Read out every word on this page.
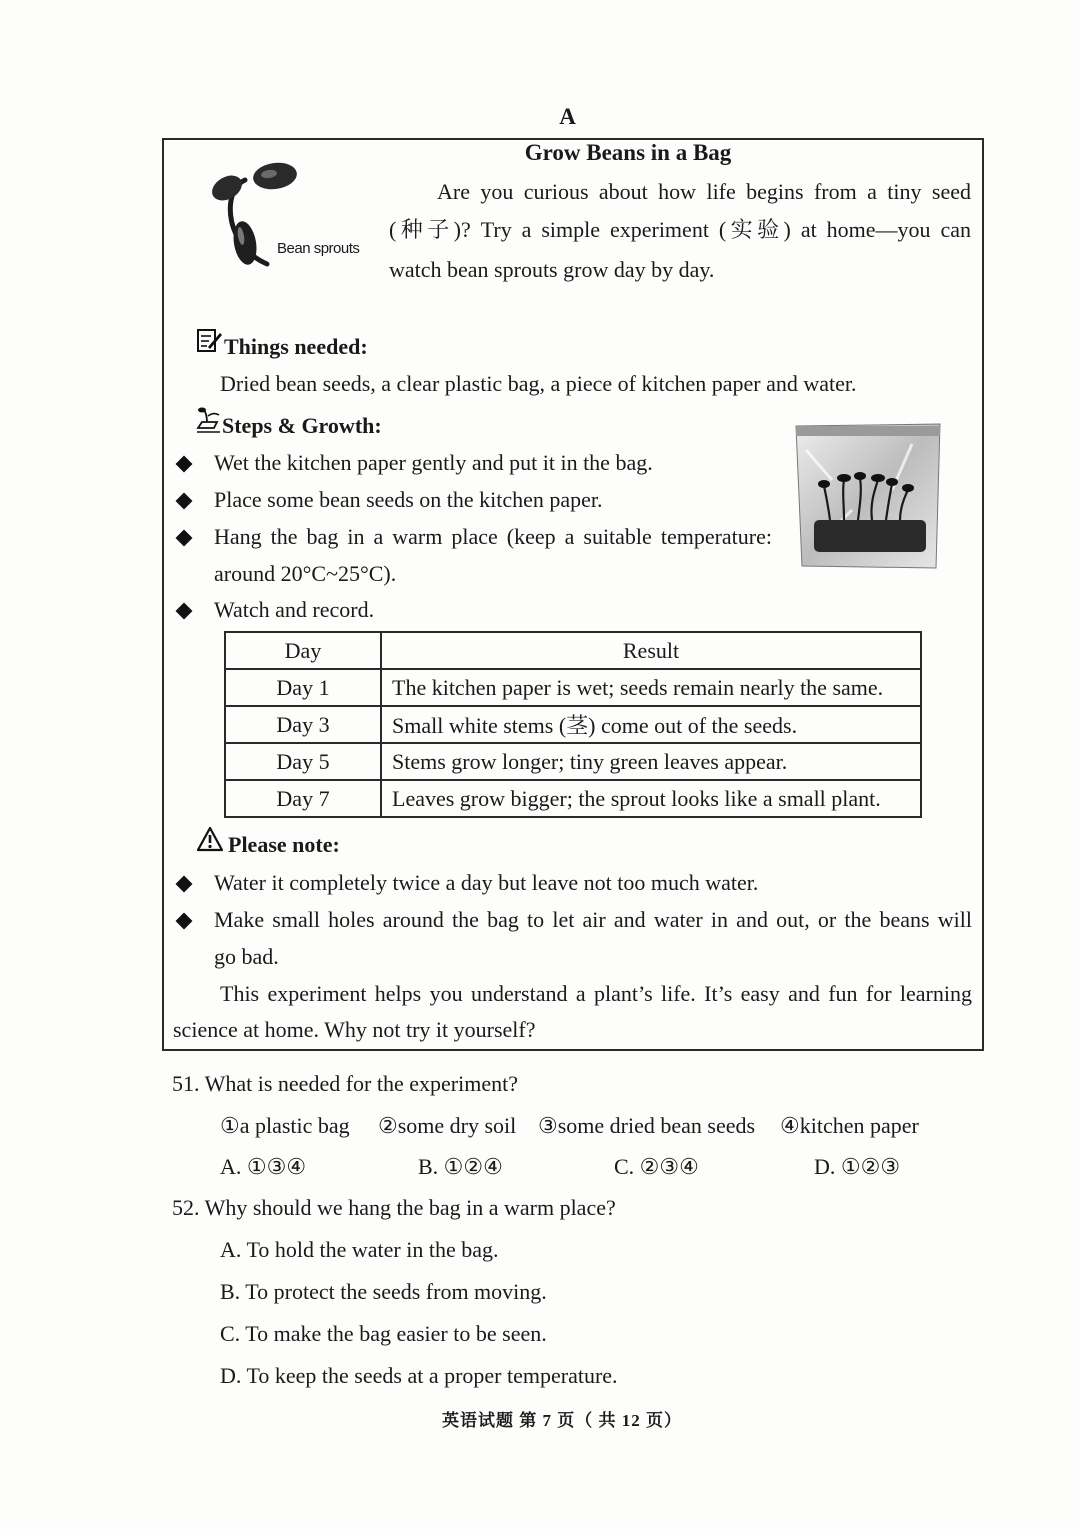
A
Grow Beans in a Bag
Bean sprouts
Are you curious about how life begins from a tiny seed
(种子)? Try a simple experiment (实验) at home—you can
watch bean sprouts grow day by day.
Things needed:
Dried bean seeds, a clear plastic bag, a piece of kitchen paper and water.
Steps & Growth:
Wet the kitchen paper gently and put it in the bag.
Place some bean seeds on the kitchen paper.
Hang the bag in a warm place (keep a suitable temperature:
around 20°C~25°C).
Watch and record.
Day	Result
Day 1	The kitchen paper is wet; seeds remain nearly the same.
Day 3	Small white stems (茎) come out of the seeds.
Day 5	Stems grow longer; tiny green leaves appear.
Day 7	Leaves grow bigger; the sprout looks like a small plant.
Please note:
Water it completely twice a day but leave not too much water.
Make small holes around the bag to let air and water in and out, or the beans will
go bad.
This experiment helps you understand a plant’s life. It’s easy and fun for learning
science at home. Why not try it yourself?
51. What is needed for the experiment?
①a plastic bag ②some dry soil ③some dried bean seeds ④kitchen paper
A. ①③④	B. ①②④	C. ②③④	D. ①②③
52. Why should we hang the bag in a warm place?
A. To hold the water in the bag.
B. To protect the seeds from moving.
C. To make the bag easier to be seen.
D. To keep the seeds at a proper temperature.
英语试题 第 7 页（ 共 12 页）
